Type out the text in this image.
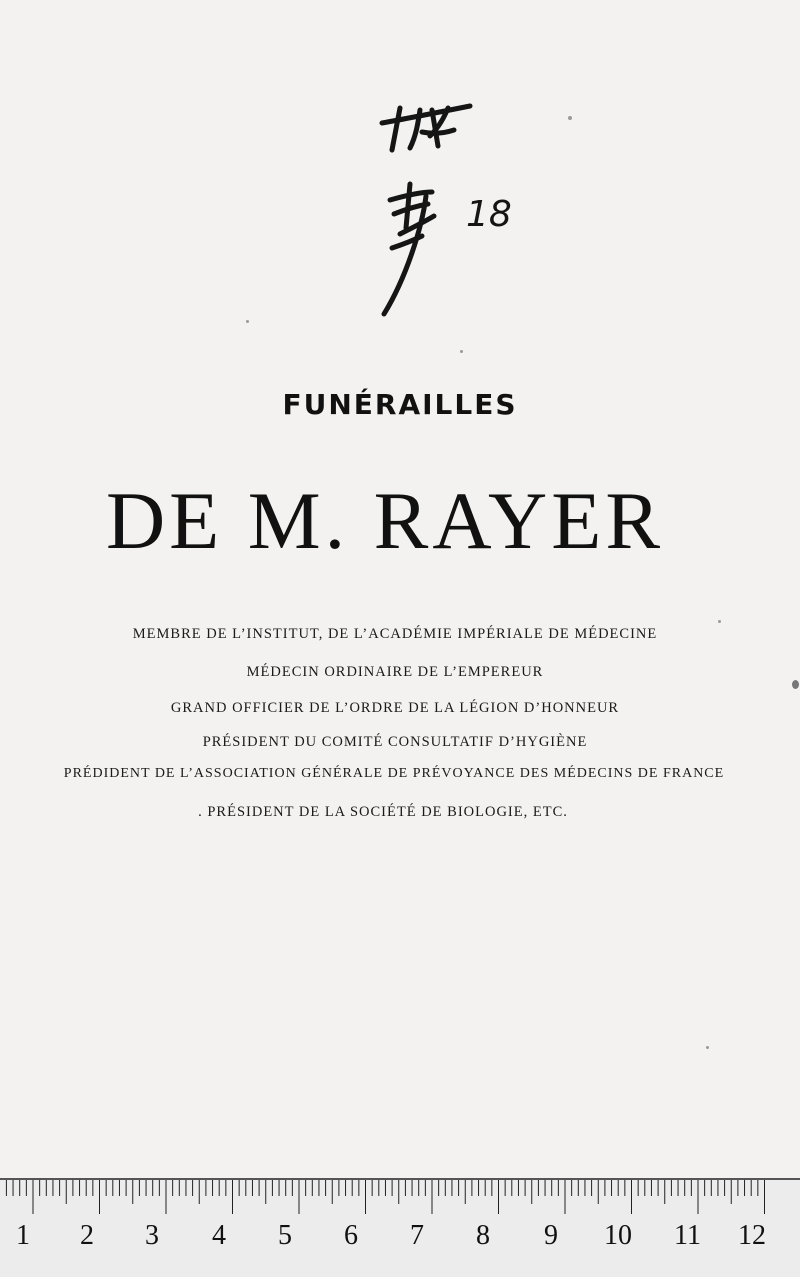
18
FUNÉRAILLES
DE M. RAYER
MEMBRE DE L’INSTITUT, DE L’ACADÉMIE IMPÉRIALE DE MÉDECINE
MÉDECIN ORDINAIRE DE L’EMPEREUR
GRAND OFFICIER DE L’ORDRE DE LA LÉGION D’HONNEUR
PRÉSIDENT DU COMITÉ CONSULTATIF D’HYGIÈNE
PRÉDIDENT DE L’ASSOCIATION GÉNÉRALE DE PRÉVOYANCE DES MÉDECINS DE FRANCE
. PRÉSIDENT DE LA SOCIÉTÉ DE BIOLOGIE, ETC.
1 2 3 4 5 6 7 8 9 10 11 12
